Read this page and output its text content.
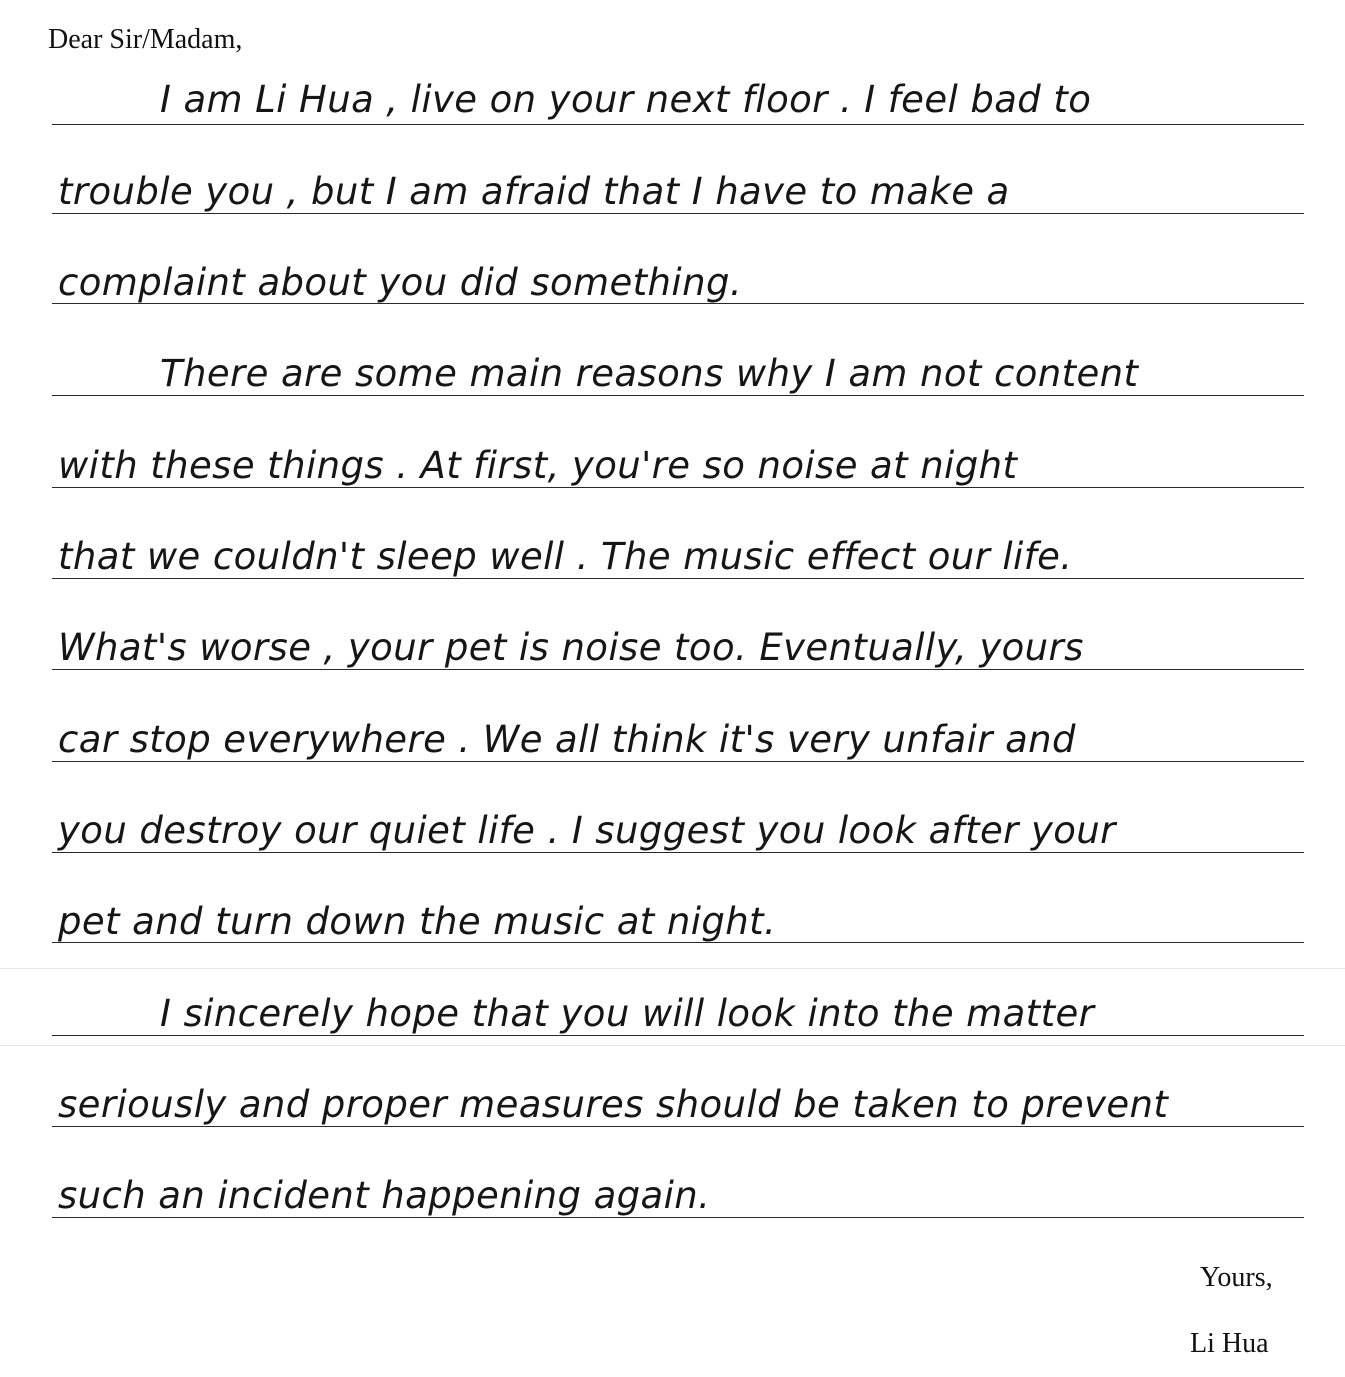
Dear Sir/Madam,
I am Li Hua , live on your next floor . I feel bad to
trouble you , but I am afraid that I have to make a
complaint about you did something.
There are some main reasons why I am not content
with these things . At first, you're so noise at night
that we couldn't sleep well . The music effect our life.
What's worse , your pet is noise too. Eventually, yours
car stop everywhere . We all think it's very unfair and
you destroy our quiet life . I suggest you look after your
pet and turn down the music at night.
I sincerely hope that you will look into the matter
seriously and proper measures should be taken to prevent
such an incident happening again.
Yours,
Li Hua
